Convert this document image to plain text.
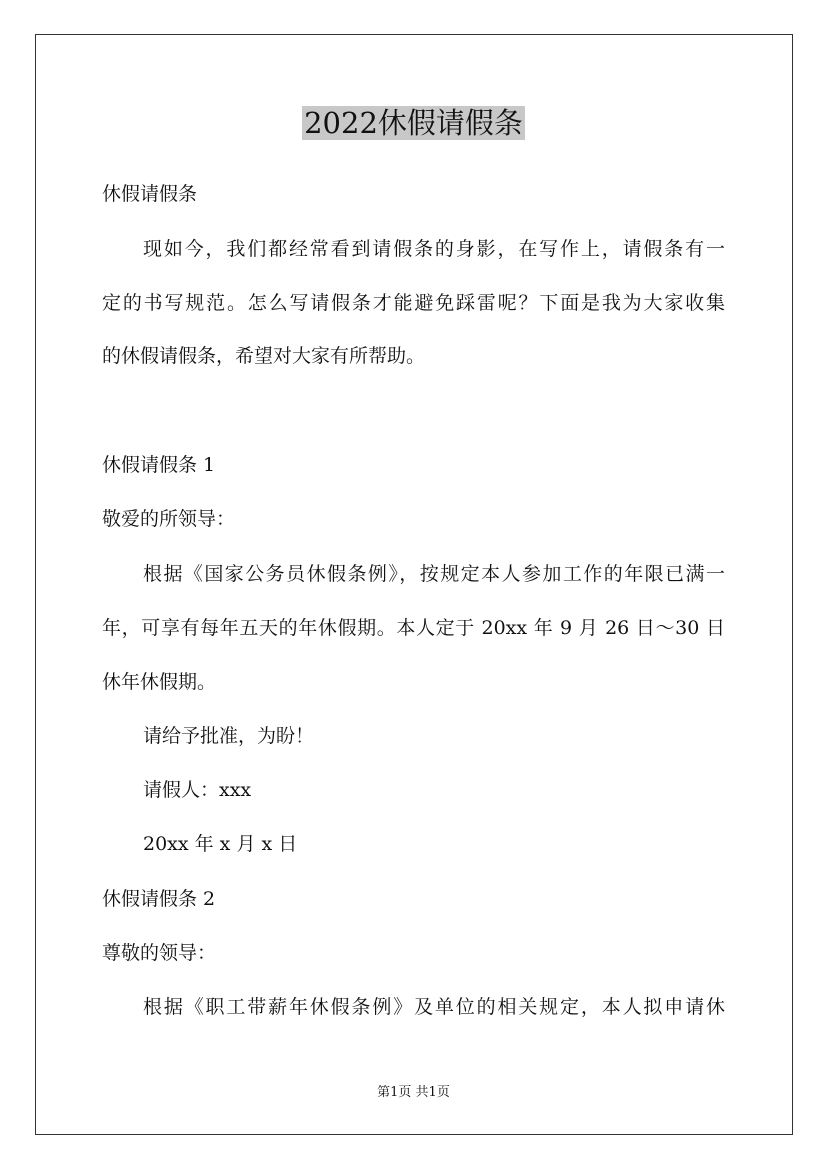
2022休假请假条
休假请假条
现如今，我们都经常看到请假条的身影，在写作上，请假条有一
定的书写规范。怎么写请假条才能避免踩雷呢？下面是我为大家收集
的休假请假条，希望对大家有所帮助。
休假请假条 1
敬爱的所领导：
根据《国家公务员休假条例》，按规定本人参加工作的年限已满一
年，可享有每年五天的年休假期。本人定于 20xx 年 9 月 26 日～30 日
休年休假期。
请给予批准，为盼！
请假人：xxx
20xx 年 x 月 x 日
休假请假条 2
尊敬的领导：
根据《职工带薪年休假条例》及单位的相关规定，本人拟申请休
第1页 共1页
